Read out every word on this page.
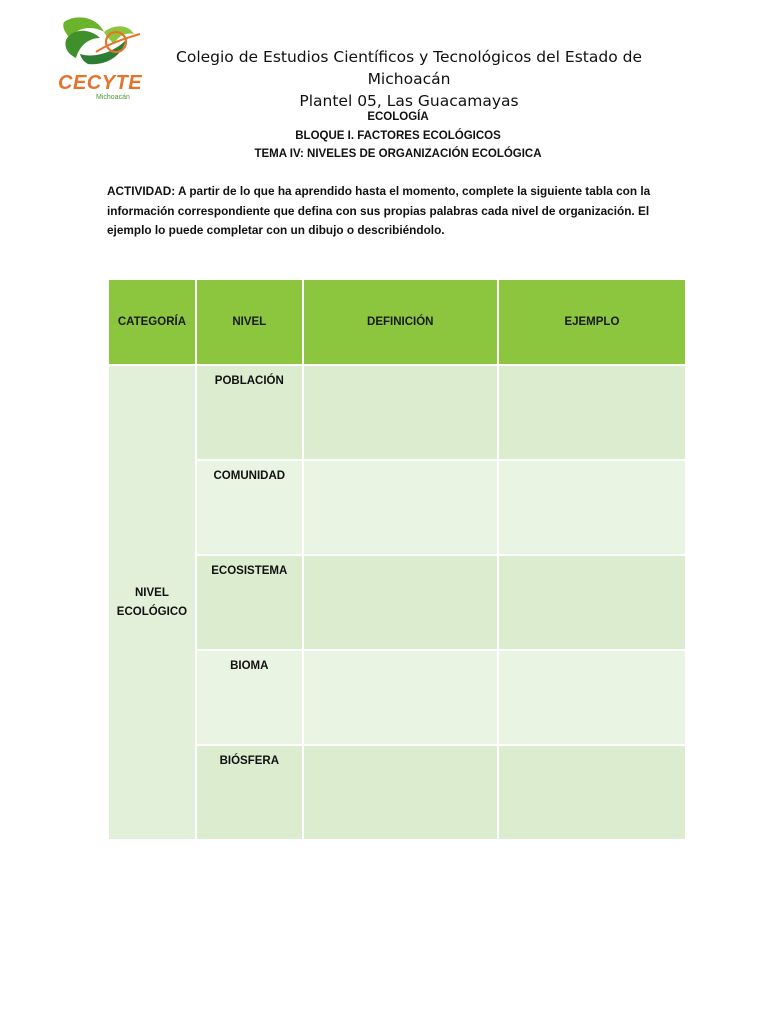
CECYTE
Michoacán
Colegio de Estudios Científicos y Tecnológicos del Estado de Michoacán
Plantel 05, Las Guacamayas
ECOLOGÍA
BLOQUE I. FACTORES ECOLÓGICOS
TEMA IV: NIVELES DE ORGANIZACIÓN ECOLÓGICA
ACTIVIDAD: A partir de lo que ha aprendido hasta el momento, complete la siguiente tabla con la
información correspondiente que defina con sus propias palabras cada nivel de organización. El
ejemplo lo puede completar con un dibujo o describiéndolo.
CATEGORÍA	NIVEL	DEFINICIÓN	EJEMPLO

NIVEL
ECOLÓGICO	POBLACIÓN		
	COMUNIDAD		
	ECOSISTEMA		
	BIOMA		
	BIÓSFERA		
